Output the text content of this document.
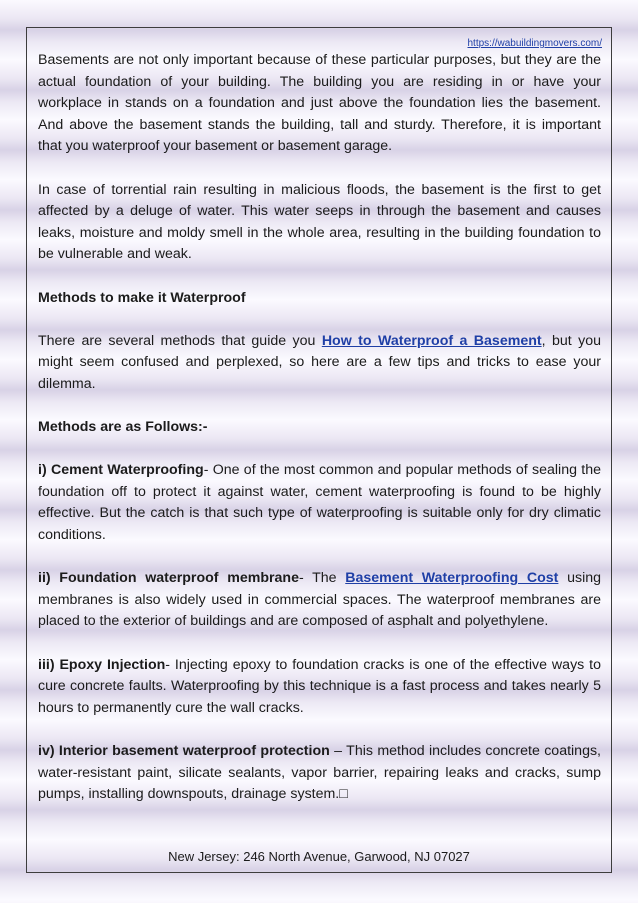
https://wabuildingmovers.com/

Basements are not only important because of these particular purposes, but they are the actual foundation of your building. The building you are residing in or have your workplace in stands on a foundation and just above the foundation lies the basement. And above the basement stands the building, tall and sturdy. Therefore, it is important that you waterproof your basement or basement garage.

In case of torrential rain resulting in malicious floods, the basement is the first to get affected by a deluge of water. This water seeps in through the basement and causes leaks, moisture and moldy smell in the whole area, resulting in the building foundation to be vulnerable and weak.

Methods to make it Waterproof

There are several methods that guide you How to Waterproof a Basement, but you might seem confused and perplexed, so here are a few tips and tricks to ease your dilemma.

Methods are as Follows:-

i) Cement Waterproofing- One of the most common and popular methods of sealing the foundation off to protect it against water, cement waterproofing is found to be highly effective. But the catch is that such type of waterproofing is suitable only for dry climatic conditions.

ii) Foundation waterproof membrane- The Basement Waterproofing Cost using membranes is also widely used in commercial spaces. The waterproof membranes are placed to the exterior of buildings and are composed of asphalt and polyethylene.

iii) Epoxy Injection- Injecting epoxy to foundation cracks is one of the effective ways to cure concrete faults. Waterproofing by this technique is a fast process and takes nearly 5 hours to permanently cure the wall cracks.

iv) Interior basement waterproof protection – This method includes concrete coatings, water-resistant paint, silicate sealants, vapor barrier, repairing leaks and cracks, sump pumps, installing downspouts, drainage system.□

New Jersey: 246 North Avenue, Garwood, NJ 07027
